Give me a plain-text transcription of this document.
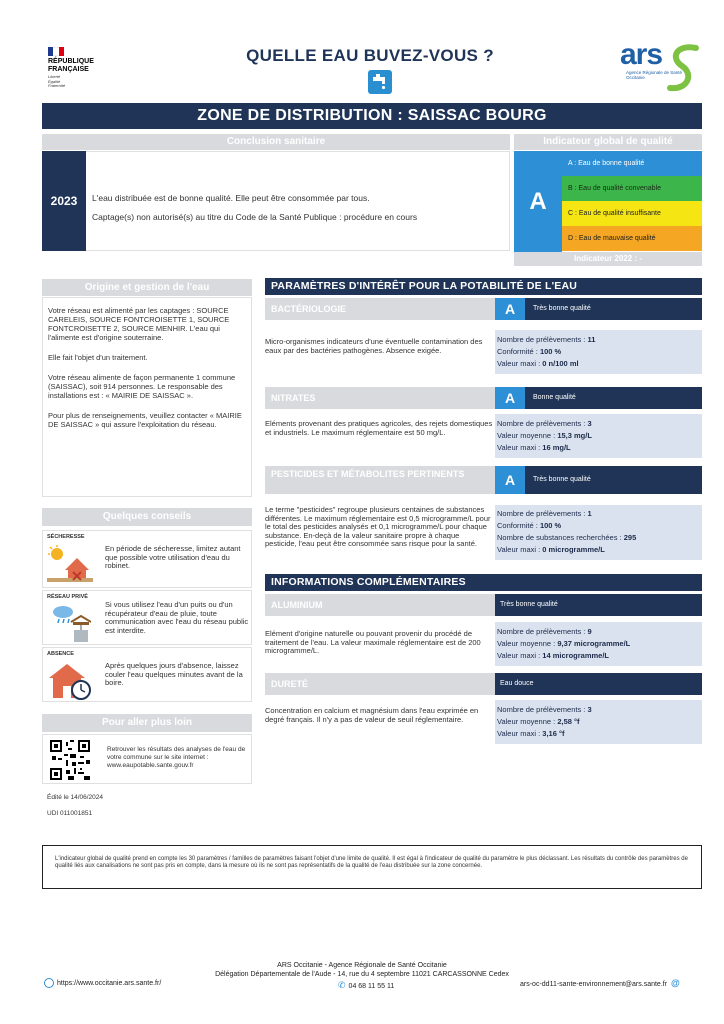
RÉPUBLIQUE
FRANÇAISE
Liberté
Égalité
Fraternité
QUELLE EAU BUVEZ-VOUS ?	ars
Agence Régionale de Santé
Occitanie
ZONE DE DISTRIBUTION : SAISSAC BOURG
Conclusion sanitaire
2023	L'eau distribuée est de bonne qualité. Elle peut être consommée par tous.
Captage(s) non autorisé(s) au titre du Code de la Santé Publique : procédure en cours
Indicateur global de qualité
A
A : Eau de bonne qualité
B : Eau de qualité convenable
C : Eau de qualité insuffisante
D : Eau de mauvaise qualité
Indicateur 2022 : -
Origine et gestion de l'eau

Votre réseau est alimenté par les captages : SOURCE CARELEIS, SOURCE FONTCROISETTE 1, SOURCE FONTCROISETTE 2, SOURCE MENHIR. L'eau qui l'alimente est d'origine souterraine.

Elle fait l'objet d'un traitement.

Votre réseau alimente de façon permanente 1 commune (SAISSAC), soit 914 personnes. Le responsable des installations est : « MAIRIE DE SAISSAC ».

Pour plus de renseignements, veuillez contacter « MAIRIE DE SAISSAC » qui assure l'exploitation du réseau.

Quelques conseils
SÉCHERESSE
En période de sécheresse, limitez autant que possible votre utilisation d'eau du robinet.
RÉSEAU PRIVÉ
Si vous utilisez l'eau d'un puits ou d'un récupérateur d'eau de pluie, toute communication avec l'eau du réseau public est interdite.
ABSENCE
Après quelques jours d'absence, laissez couler l'eau quelques minutes avant de la boire.
Pour aller plus loin
Retrouver les résultats des analyses de l'eau de votre commune sur le site internet : www.eaupotable.sante.gouv.fr
Édité le 14/06/2024
UDI 011001851
PARAMÈTRES D'INTÉRÊT POUR LA POTABILITÉ DE L'EAU
BACTÉRIOLOGIE	A	Très bonne qualité
Micro-organismes indicateurs d'une éventuelle contamination des eaux par des bactéries pathogènes. Absence exigée.
Nombre de prélèvements : 11
Conformité : 100 %
Valeur maxi : 0 n/100 ml
NITRATES	A	Bonne qualité
Eléments provenant des pratiques agricoles, des rejets domestiques et industriels. Le maximum réglementaire est 50 mg/L.
Nombre de prélèvements : 3
Valeur moyenne : 15,3 mg/L
Valeur maxi : 16 mg/L
PESTICIDES ET MÉTABOLITES PERTINENTS	A	Très bonne qualité
Le terme "pesticides" regroupe plusieurs centaines de substances différentes. Le maximum réglementaire est 0,5 microgramme/L pour le total des pesticides analysés et 0,1 microgramme/L pour chaque substance. En-deçà de la valeur sanitaire propre à chaque pesticide, l'eau peut être consommée sans risque pour la santé.
Nombre de prélèvements : 1
Conformité : 100 %
Nombre de substances recherchées : 295
Valeur maxi : 0 microgramme/L
INFORMATIONS COMPLÉMENTAIRES
ALUMINIUM	Très bonne qualité
Elément d'origine naturelle ou pouvant provenir du procédé de traitement de l'eau. La valeur maximale réglementaire est de 200 microgramme/L.
Nombre de prélèvements : 9
Valeur moyenne : 9,37 microgramme/L
Valeur maxi : 14 microgramme/L
DURETÉ	Eau douce
Concentration en calcium et magnésium dans l'eau exprimée en degré français. Il n'y a pas de valeur de seuil réglementaire.
Nombre de prélèvements : 3
Valeur moyenne : 2,58 °f
Valeur maxi : 3,16 °f
L'indicateur global de qualité prend en compte les 30 paramètres / familles de paramètres faisant l'objet d'une limite de qualité. Il est égal à l'indicateur de qualité du paramètre le plus déclassant. Les résultats du contrôle des paramètres de qualité liés aux canalisations ne sont pas pris en compte, dans la mesure où ils ne sont pas représentatifs de la qualité de l'eau distribuée sur la zone concernée.
ARS Occitanie - Agence Régionale de Santé Occitanie
Délégation Départementale de l'Aude - 14, rue du 4 septembre 11021 CARCASSONNE Cedex
https://www.occitanie.ars.sante.fr/	✆ 04 68 11 55 11	ars-oc-dd11-sante-environnement@ars.sante.fr @
